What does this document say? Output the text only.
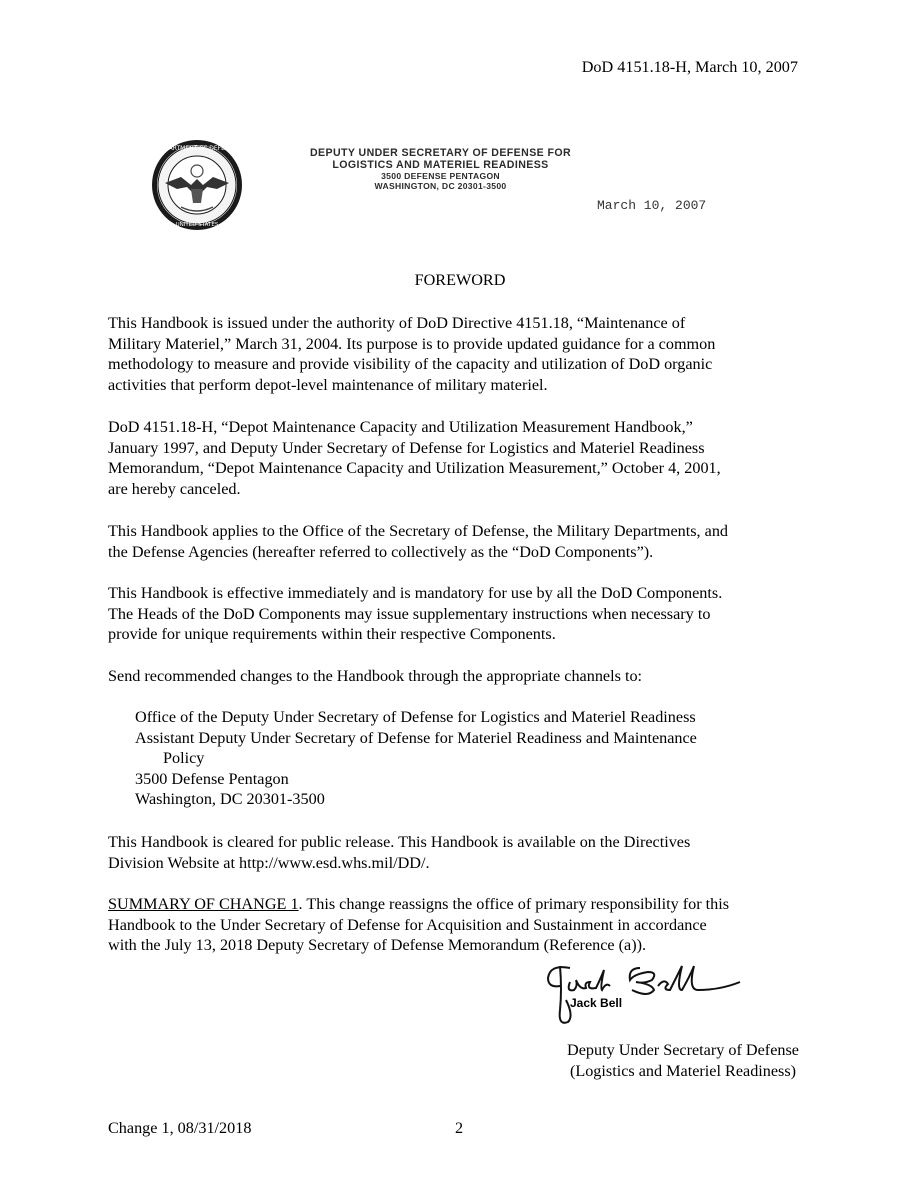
DoD 4151.18-H, March 10, 2007
DEPARTMENT OF DEFENSE
UNITED STATES
DEPUTY UNDER SECRETARY OF DEFENSE FOR
LOGISTICS AND MATERIEL READINESS
3500 DEFENSE PENTAGON
WASHINGTON, DC 20301-3500
March 10, 2007
FOREWORD
This Handbook is issued under the authority of DoD Directive 4151.18, “Maintenance of
Military Materiel,” March 31, 2004. Its purpose is to provide updated guidance for a common
methodology to measure and provide visibility of the capacity and utilization of DoD organic
activities that perform depot-level maintenance of military materiel.
DoD 4151.18-H, “Depot Maintenance Capacity and Utilization Measurement Handbook,”
January 1997, and Deputy Under Secretary of Defense for Logistics and Materiel Readiness
Memorandum, “Depot Maintenance Capacity and Utilization Measurement,” October 4, 2001,
are hereby canceled.
This Handbook applies to the Office of the Secretary of Defense, the Military Departments, and
the Defense Agencies (hereafter referred to collectively as the “DoD Components”).
This Handbook is effective immediately and is mandatory for use by all the DoD Components.
The Heads of the DoD Components may issue supplementary instructions when necessary to
provide for unique requirements within their respective Components.
Send recommended changes to the Handbook through the appropriate channels to:
Office of the Deputy Under Secretary of Defense for Logistics and Materiel Readiness
Assistant Deputy Under Secretary of Defense for Materiel Readiness and Maintenance
Policy
3500 Defense Pentagon
Washington, DC 20301-3500
This Handbook is cleared for public release. This Handbook is available on the Directives
Division Website at http://www.esd.whs.mil/DD/.
SUMMARY OF CHANGE 1. This change reassigns the office of primary responsibility for this
Handbook to the Under Secretary of Defense for Acquisition and Sustainment in accordance
with the July 13, 2018 Deputy Secretary of Defense Memorandum (Reference (a)).
Jack Bell
Deputy Under Secretary of Defense
(Logistics and Materiel Readiness)
Change 1, 08/31/2018	2
